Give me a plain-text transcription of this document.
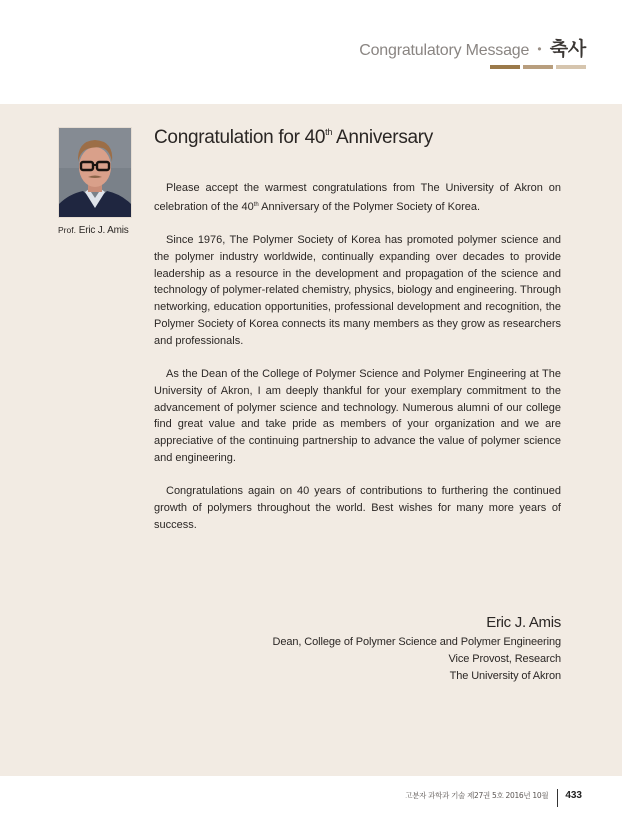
Congratulatory Message • 축사
Prof. Eric J. Amis
Congratulation for 40th Anniversary

Please accept the warmest congratulations from The University of Akron on celebration of the 40th Anniversary of the Polymer Society of Korea.

Since 1976, The Polymer Society of Korea has promoted polymer science and the polymer industry worldwide, continually expanding over decades to provide leadership as a resource in the development and propagation of the science and technology of polymer-related chemistry, physics, biology and engineering. Through networking, education opportunities, professional development and recognition, the Polymer Society of Korea connects its many members as they grow as researchers and professionals.

As the Dean of the College of Polymer Science and Polymer Engineering at The University of Akron, I am deeply thankful for your exemplary commitment to the advancement of polymer science and technology. Numerous alumni of our college find great value and take pride as members of your organization and we are appreciative of the continuing partnership to advance the value of polymer science and engineering.

Congratulations again on 40 years of contributions to furthering the continued growth of polymers throughout the world. Best wishes for many more years of success.

Eric J. Amis
Dean, College of Polymer Science and Polymer Engineering
Vice Provost, Research
The University of Akron
고분자 과학과 기술 제27권 5호 2016년 10월 433
